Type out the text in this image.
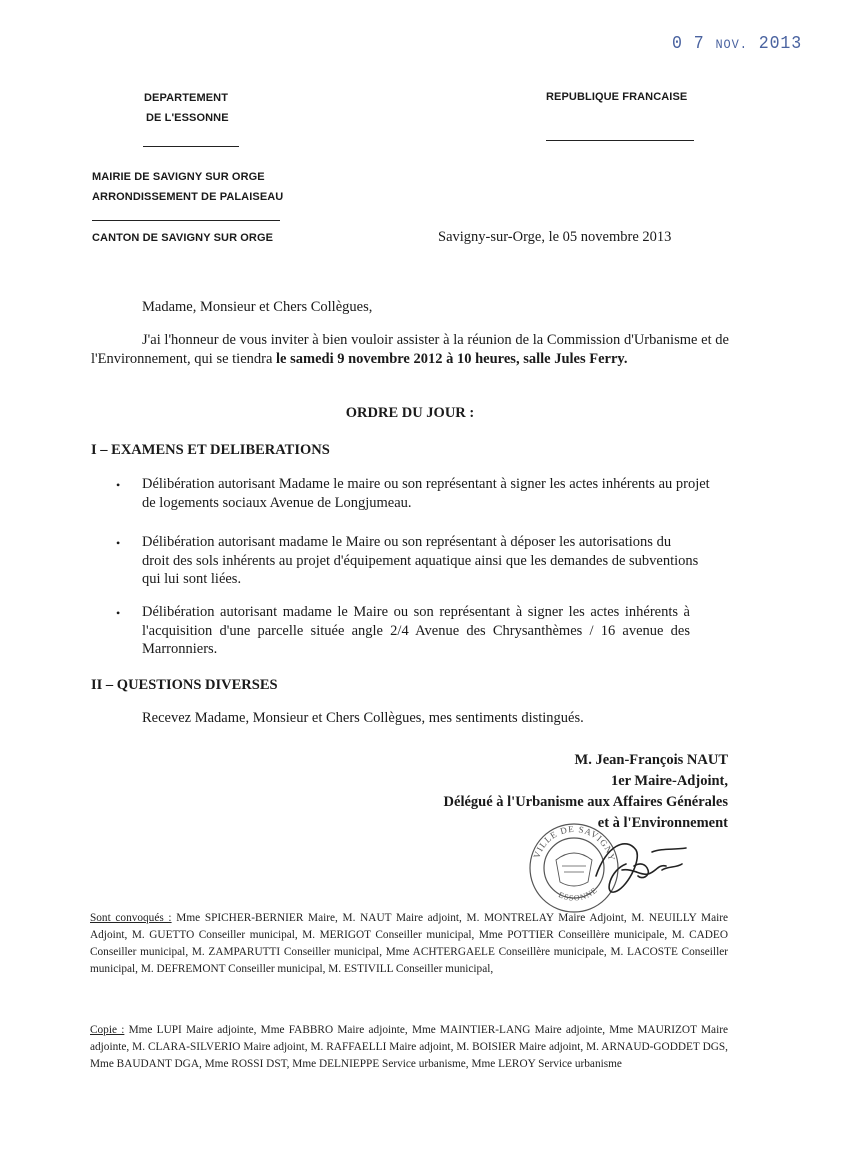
0 7 NOV. 2013
DEPARTEMENT
DE L'ESSONNE
REPUBLIQUE FRANCAISE
MAIRIE DE SAVIGNY SUR ORGE
ARRONDISSEMENT DE PALAISEAU
CANTON DE SAVIGNY SUR ORGE	Savigny-sur-Orge, le 05 novembre 2013
Madame, Monsieur et Chers Collègues,
J'ai l'honneur de vous inviter à bien vouloir assister à la réunion de la Commission d'Urbanisme et de l'Environnement, qui se tiendra le samedi 9 novembre 2012 à 10 heures, salle Jules Ferry.
ORDRE DU JOUR :
I – EXAMENS ET DELIBERATIONS
• Délibération autorisant Madame le maire ou son représentant à signer les actes inhérents au projet de logements sociaux Avenue de Longjumeau.
• Délibération autorisant madame le Maire ou son représentant à déposer les autorisations du droit des sols inhérents au projet d'équipement aquatique ainsi que les demandes de subventions qui lui sont liées.
• Délibération autorisant madame le Maire ou son représentant à signer les actes inhérents à l'acquisition d'une parcelle située angle 2/4 Avenue des Chrysanthèmes / 16 avenue des Marronniers.
II – QUESTIONS DIVERSES
Recevez Madame, Monsieur et Chers Collègues, mes sentiments distingués.
M. Jean-François NAUT
1er Maire-Adjoint,
Délégué à l'Urbanisme aux Affaires Générales
et à l'Environnement
VILLE DE SAVIGNY
ESSONNE
Sont convoqués : Mme SPICHER-BERNIER Maire, M. NAUT Maire adjoint, M. MONTRELAY Maire Adjoint, M. NEUILLY Maire Adjoint, M. GUETTO Conseiller municipal, M. MERIGOT Conseiller municipal, Mme POTTIER Conseillère municipale, M. CADEO Conseiller municipal, M. ZAMPARUTTI Conseiller municipal, Mme ACHTERGAELE Conseillère municipale, M. LACOSTE Conseiller municipal, M. DEFREMONT Conseiller municipal, M. ESTIVILL Conseiller municipal,
Copie : Mme LUPI Maire adjointe, Mme FABBRO Maire adjointe, Mme MAINTIER-LANG Maire adjointe, Mme MAURIZOT Maire adjointe, M. CLARA-SILVERIO Maire adjoint, M. RAFFAELLI Maire adjoint, M. BOISIER Maire adjoint, M. ARNAUD-GODDET DGS, Mme BAUDANT DGA, Mme ROSSI DST, Mme DELNIEPPE Service urbanisme, Mme LEROY Service urbanisme
